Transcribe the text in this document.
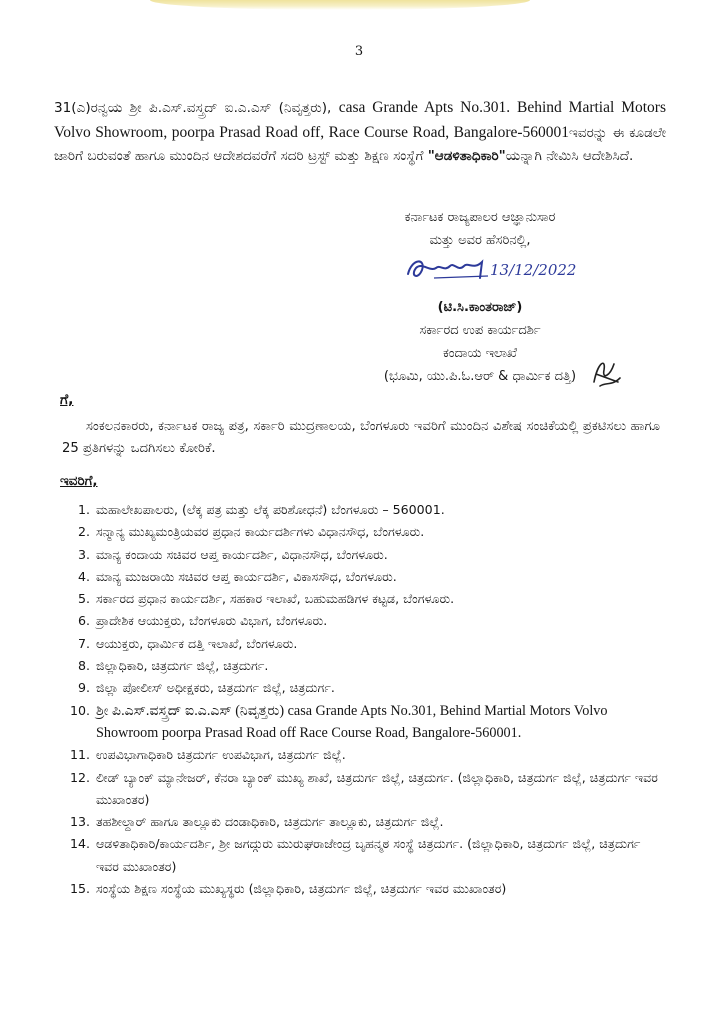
3
31(ಎ)ರನ್ವಯ ಶ್ರೀ ಪಿ.ಎಸ್.ವಸ್ತ್ರದ್ ಐ.ಎ.ಎಸ್ (ನಿವೃತ್ತರು), casa Grande Apts No.301. Behind Martial Motors Volvo Showroom, poorpa Prasad Road off, Race Course Road, Bangalore-560001ಇವರನ್ನು ಈ ಕೂಡಲೇ ಜಾರಿಗೆ ಬರುವಂತೆ ಹಾಗೂ ಮುಂದಿನ ಆದೇಶದವರೆಗೆ ಸದರಿ ಟ್ರಸ್ಟ್ ಮತ್ತು ಶಿಕ್ಷಣ ಸಂಸ್ಥೆಗೆ "ಆಡಳಿತಾಧಿಕಾರಿ"ಯನ್ನಾಗಿ ನೇಮಿಸಿ ಆದೇಶಿಸಿದೆ.
ಕರ್ನಾಟಕ ರಾಜ್ಯಪಾಲರ ಆಜ್ಞಾನುಸಾರ
ಮತ್ತು ಅವರ ಹೆಸರಿನಲ್ಲಿ,
(ಟಿ.ಸಿ.ಕಾಂತರಾಜ್)
ಸರ್ಕಾರದ ಉಪ ಕಾರ್ಯದರ್ಶಿ
ಕಂದಾಯ ಇಲಾಖೆ
(ಭೂಮಿ, ಯು.ಪಿ.ಓ.ಆರ್ & ಧಾರ್ಮಿಕ ದತ್ತಿ)
13/12/2022
ಗೆ,
ಸಂಕಲನಕಾರರು, ಕರ್ನಾಟಕ ರಾಜ್ಯ ಪತ್ರ, ಸರ್ಕಾರಿ ಮುದ್ರಣಾಲಯ, ಬೆಂಗಳೂರು ಇವರಿಗೆ ಮುಂದಿನ ವಿಶೇಷ ಸಂಚಿಕೆಯಲ್ಲಿ ಪ್ರಕಟಿಸಲು ಹಾಗೂ 25 ಪ್ರತಿಗಳನ್ನು ಒದಗಿಸಲು ಕೋರಿಕೆ.
ಇವರಿಗೆ,
1. ಮಹಾಲೇಖಪಾಲರು, (ಲೆಕ್ಕ ಪತ್ರ ಮತ್ತು ಲೆಕ್ಕ ಪರಿಶೋಧನೆ) ಬೆಂಗಳೂರು – 560001.
2. ಸನ್ಮಾನ್ಯ ಮುಖ್ಯಮಂತ್ರಿಯವರ ಪ್ರಧಾನ ಕಾರ್ಯದರ್ಶಿಗಳು ವಿಧಾನಸೌಧ, ಬೆಂಗಳೂರು.
3. ಮಾನ್ಯ ಕಂದಾಯ ಸಚಿವರ ಆಪ್ತ ಕಾರ್ಯದರ್ಶಿ, ವಿಧಾನಸೌಧ, ಬೆಂಗಳೂರು.
4. ಮಾನ್ಯ ಮುಜರಾಯಿ ಸಚಿವರ ಆಪ್ತ ಕಾರ್ಯದರ್ಶಿ, ವಿಕಾಸಸೌಧ, ಬೆಂಗಳೂರು.
5. ಸರ್ಕಾರದ ಪ್ರಧಾನ ಕಾರ್ಯದರ್ಶಿ, ಸಹಕಾರ ಇಲಾಖೆ, ಬಹುಮಹಡಿಗಳ ಕಟ್ಟಡ, ಬೆಂಗಳೂರು.
6. ಪ್ರಾದೇಶಿಕ ಆಯುಕ್ತರು, ಬೆಂಗಳೂರು ವಿಭಾಗ, ಬೆಂಗಳೂರು.
7. ಆಯುಕ್ತರು, ಧಾರ್ಮಿಕ ದತ್ತಿ ಇಲಾಖೆ, ಬೆಂಗಳೂರು.
8. ಜಿಲ್ಲಾಧಿಕಾರಿ, ಚಿತ್ರದುರ್ಗ ಜಿಲ್ಲೆ, ಚಿತ್ರದುರ್ಗ.
9. ಜಿಲ್ಲಾ ಪೋಲೀಸ್ ಅಧೀಕ್ಷಕರು, ಚಿತ್ರದುರ್ಗ ಜಿಲ್ಲೆ, ಚಿತ್ರದುರ್ಗ.
10. ಶ್ರೀ ಪಿ.ಎಸ್.ವಸ್ತ್ರದ್ ಐ.ಎ.ಎಸ್ (ನಿವೃತ್ತರು) casa Grande Apts No.301, Behind Martial Motors Volvo Showroom poorpa Prasad Road off Race Course Road, Bangalore-560001.
11. ಉಪವಿಭಾಗಾಧಿಕಾರಿ ಚಿತ್ರದುರ್ಗ ಉಪವಿಭಾಗ, ಚಿತ್ರದುರ್ಗ ಜಿಲ್ಲೆ.
12. ಲೀಡ್ ಬ್ಯಾಂಕ್ ಮ್ಯಾನೇಜರ್, ಕೆನರಾ ಬ್ಯಾಂಕ್ ಮುಖ್ಯ ಶಾಖೆ, ಚಿತ್ರದುರ್ಗ ಜಿಲ್ಲೆ, ಚಿತ್ರದುರ್ಗ. (ಜಿಲ್ಲಾಧಿಕಾರಿ, ಚಿತ್ರದುರ್ಗ ಜಿಲ್ಲೆ, ಚಿತ್ರದುರ್ಗ ಇವರ ಮುಖಾಂತರ)
13. ತಹಶೀಲ್ದಾರ್ ಹಾಗೂ ತಾಲ್ಲೂಕು ದಂಡಾಧಿಕಾರಿ, ಚಿತ್ರದುರ್ಗ ತಾಲ್ಲೂಕು, ಚಿತ್ರದುರ್ಗ ಜಿಲ್ಲೆ.
14. ಆಡಳಿತಾಧಿಕಾರಿ/ಕಾರ್ಯದರ್ಶಿ, ಶ್ರೀ ಜಗದ್ಗುರು ಮುರುಘರಾಜೇಂದ್ರ ಬೃಹನ್ಮಠ ಸಂಸ್ಥೆ ಚಿತ್ರದುರ್ಗ. (ಜಿಲ್ಲಾಧಿಕಾರಿ, ಚಿತ್ರದುರ್ಗ ಜಿಲ್ಲೆ, ಚಿತ್ರದುರ್ಗ ಇವರ ಮುಖಾಂತರ)
15. ಸಂಸ್ಥೆಯ ಶಿಕ್ಷಣ ಸಂಸ್ಥೆಯ ಮುಖ್ಯಸ್ಥರು (ಜಿಲ್ಲಾಧಿಕಾರಿ, ಚಿತ್ರದುರ್ಗ ಜಿಲ್ಲೆ, ಚಿತ್ರದುರ್ಗ ಇವರ ಮುಖಾಂತರ)
